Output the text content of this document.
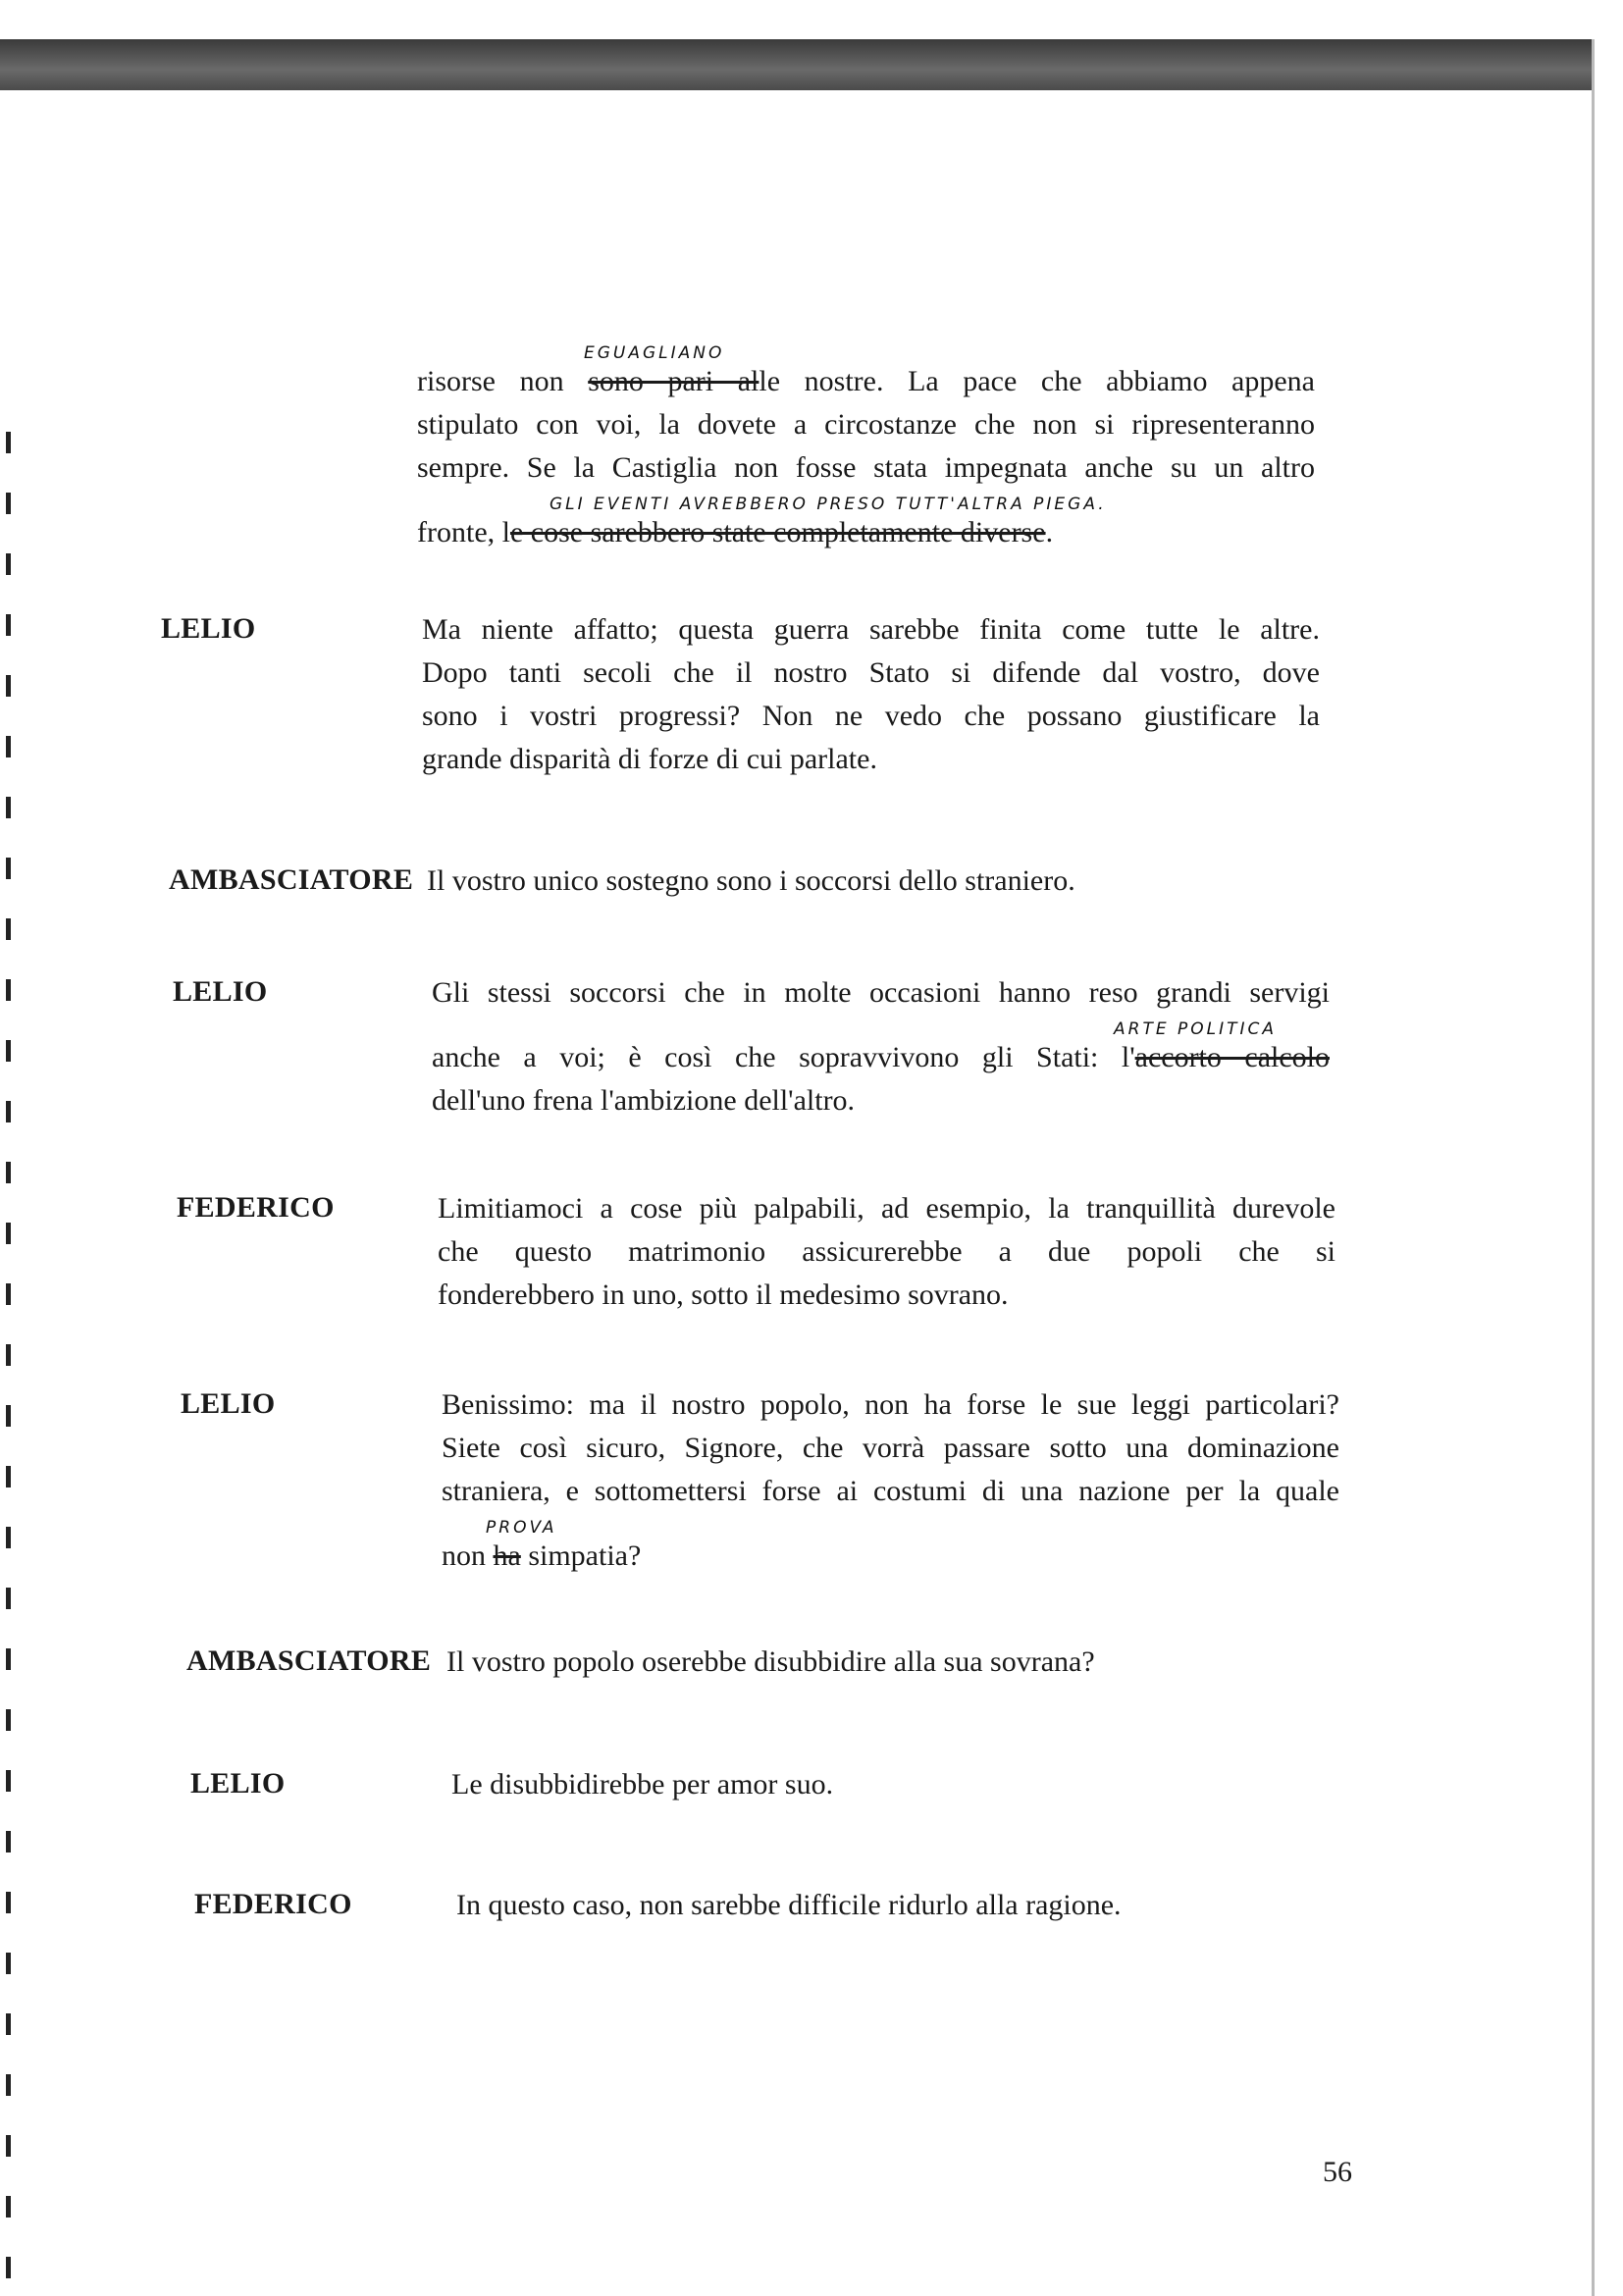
EGUAGLIANO
risorse non sono pari alle nostre. La pace che abbiamo appena
stipulato con voi, la dovete a circostanze che non si ripresenteranno
sempre. Se la Castiglia non fosse stata impegnata anche su un altro
GLI EVENTI AVREBBERO PRESO TUTT'ALTRA PIEGA.
fronte, le cose sarebbero state completamente diverse.
LELIO	Ma niente affatto; questa guerra sarebbe finita come tutte le altre.
Dopo tanti secoli che il nostro Stato si difende dal vostro, dove
sono i vostri progressi? Non ne vedo che possano giustificare la
grande disparità di forze di cui parlate.
AMBASCIATORE Il vostro unico sostegno sono i soccorsi dello straniero.
LELIO	Gli stessi soccorsi che in molte occasioni hanno reso grandi servigi
ARTE POLITICA
anche a voi; è così che sopravvivono gli Stati: l'accorto calcolo
dell'uno frena l'ambizione dell'altro.
FEDERICO	Limitiamoci a cose più palpabili, ad esempio, la tranquillità durevole
che questo matrimonio assicurerebbe a due popoli che si
fonderebbero in uno, sotto il medesimo sovrano.
LELIO	Benissimo: ma il nostro popolo, non ha forse le sue leggi particolari?
Siete così sicuro, Signore, che vorrà passare sotto una dominazione
straniera, e sottomettersi forse ai costumi di una nazione per la quale
PROVA
non ha simpatia?
AMBASCIATORE Il vostro popolo oserebbe disubbidire alla sua sovrana?
LELIO	Le disubbidirebbe per amor suo.
FEDERICO	In questo caso, non sarebbe difficile ridurlo alla ragione.
56
